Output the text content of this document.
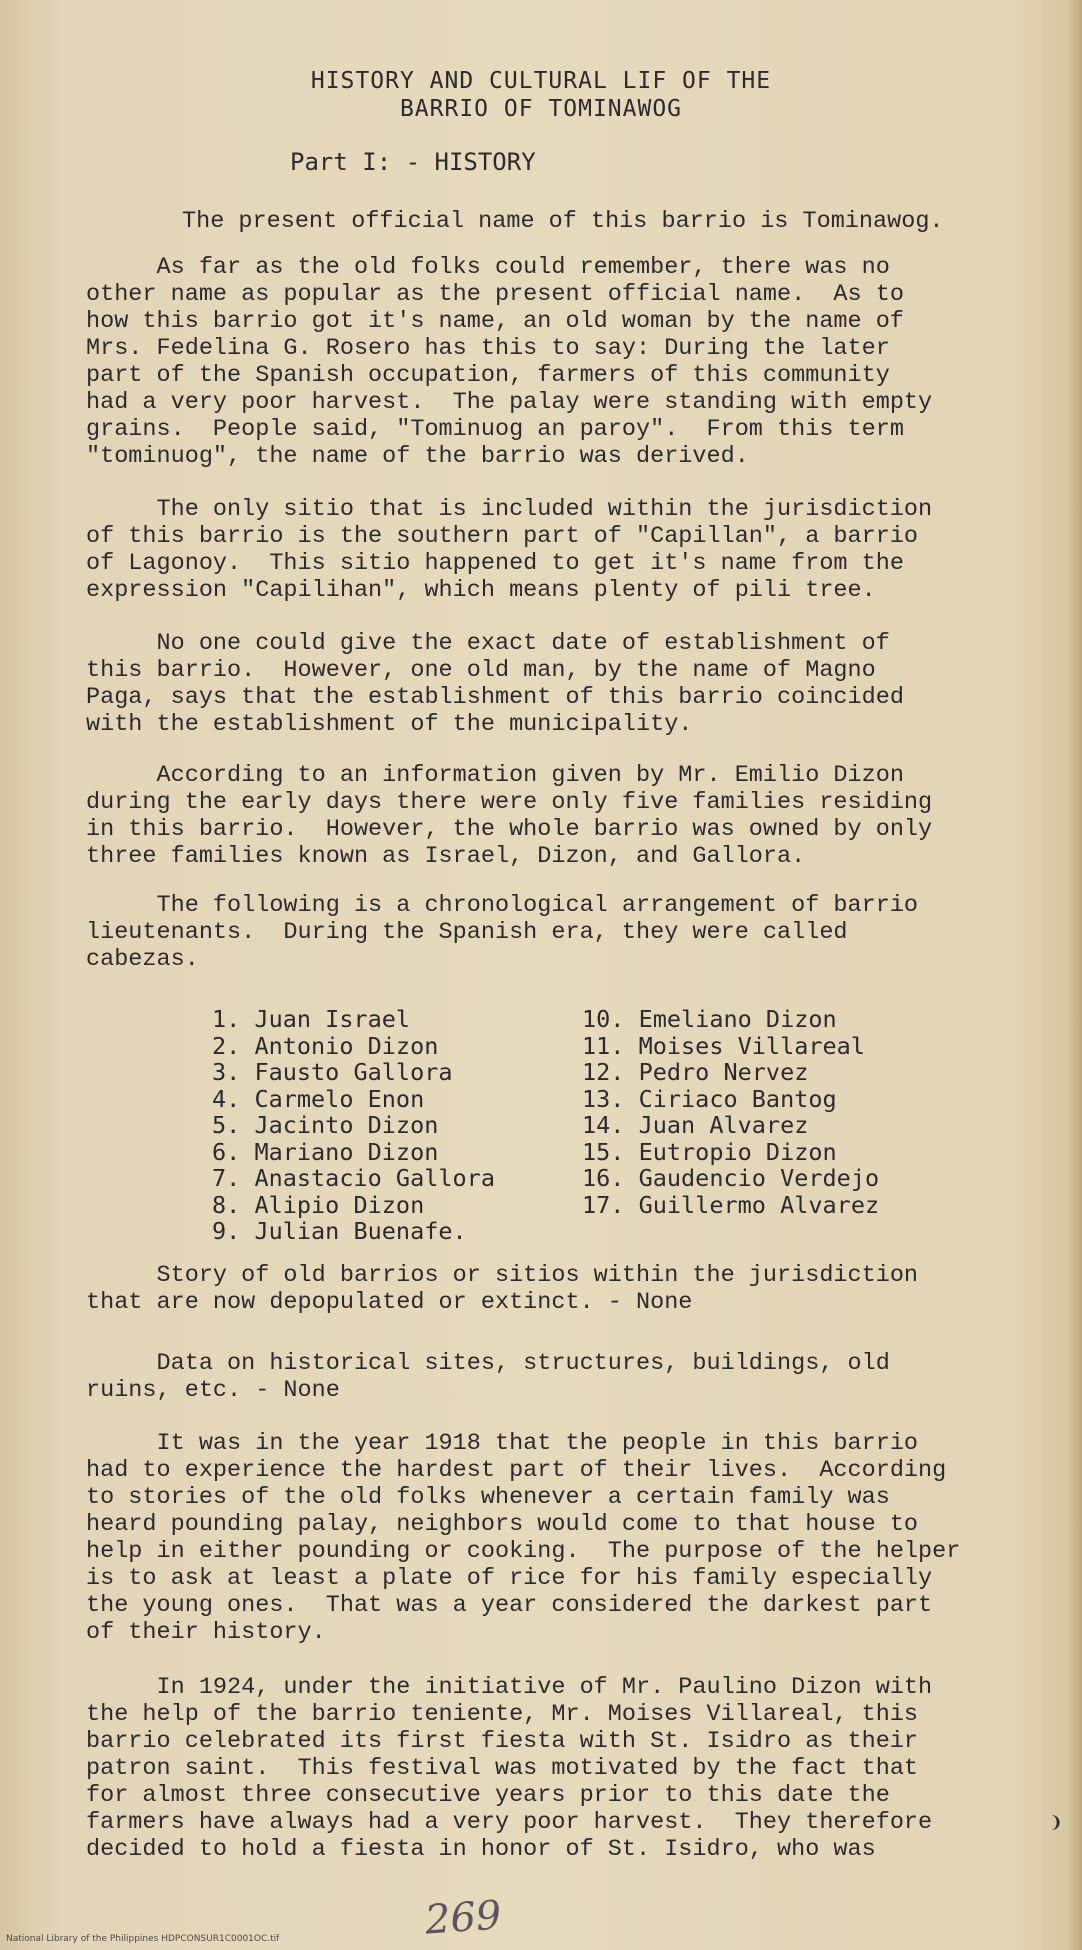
HISTORY AND CULTURAL LIF OF THE
BARRIO OF TOMINAWOG
Part I: - HISTORY
The present official name of this barrio is Tominawog.
As far as the old folks could remember, there was no
other name as popular as the present official name.  As to
how this barrio got it's name, an old woman by the name of
Mrs. Fedelina G. Rosero has this to say: During the later
part of the Spanish occupation, farmers of this community
had a very poor harvest.  The palay were standing with empty
grains.  People said, "Tominuog an paroy".  From this term
"tominuog", the name of the barrio was derived.
The only sitio that is included within the jurisdiction
of this barrio is the southern part of "Capillan", a barrio
of Lagonoy.  This sitio happened to get it's name from the
expression "Capilihan", which means plenty of pili tree.
No one could give the exact date of establishment of
this barrio.  However, one old man, by the name of Magno
Paga, says that the establishment of this barrio coincided
with the establishment of the municipality.
According to an information given by Mr. Emilio Dizon
during the early days there were only five families residing
in this barrio.  However, the whole barrio was owned by only
three families known as Israel, Dizon, and Gallora.
The following is a chronological arrangement of barrio
lieutenants.  During the Spanish era, they were called
cabezas.
1. Juan Israel
2. Antonio Dizon
3. Fausto Gallora
4. Carmelo Enon
5. Jacinto Dizon
6. Mariano Dizon
7. Anastacio Gallora
8. Alipio Dizon
9. Julian Buenafe.
10. Emeliano Dizon
11. Moises Villareal
12. Pedro Nervez
13. Ciriaco Bantog
14. Juan Alvarez
15. Eutropio Dizon
16. Gaudencio Verdejo
17. Guillermo Alvarez
Story of old barrios or sitios within the jurisdiction
that are now depopulated or extinct. - None
Data on historical sites, structures, buildings, old
ruins, etc. - None
It was in the year 1918 that the people in this barrio
had to experience the hardest part of their lives.  According
to stories of the old folks whenever a certain family was
heard pounding palay, neighbors would come to that house to
help in either pounding or cooking.  The purpose of the helper
is to ask at least a plate of rice for his family especially
the young ones.  That was a year considered the darkest part
of their history.
In 1924, under the initiative of Mr. Paulino Dizon with
the help of the barrio teniente, Mr. Moises Villareal, this
barrio celebrated its first fiesta with St. Isidro as their
patron saint.  This festival was motivated by the fact that
for almost three consecutive years prior to this date the
farmers have always had a very poor harvest.  They therefore
decided to hold a fiesta in honor of St. Isidro, who was
❩
269
National Library of the Philippines HDPCONSUR1C0001OC.tif
